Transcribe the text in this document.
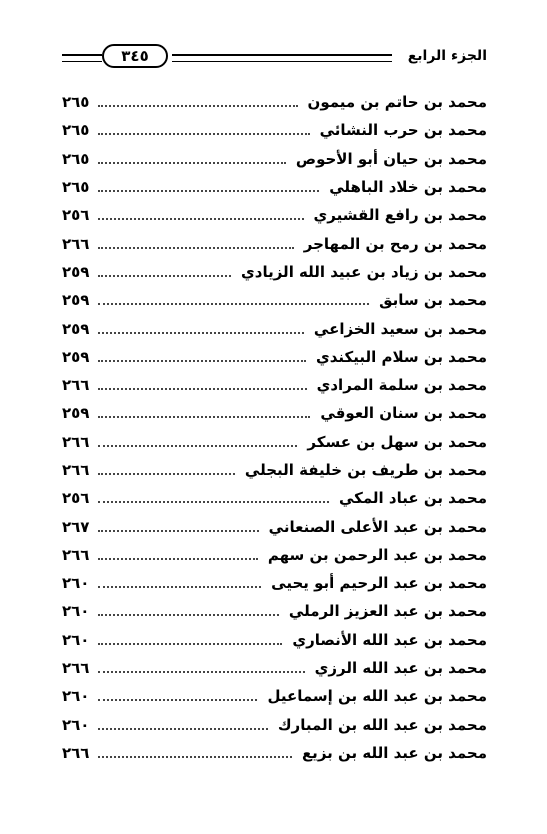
٣٤٥	الجزء الرابع
محمد بن حاتم بن ميمون
٢٦٥
محمد بن حرب النشائي
٢٦٥
محمد بن حيان أبو الأحوص
٢٦٥
محمد بن خلاد الباهلي
٢٦٥
محمد بن رافع القشيري
٢٥٦
محمد بن رمح بن المهاجر
٢٦٦
محمد بن زياد بن عبيد الله الزيادي
٢٥٩
محمد بن سابق
٢٥٩
محمد بن سعيد الخزاعي
٢٥٩
محمد بن سلام البيكندي
٢٥٩
محمد بن سلمة المرادي
٢٦٦
محمد بن سنان العوقي
٢٥٩
محمد بن سهل بن عسكر
٢٦٦
محمد بن طريف بن خليفة البجلي
٢٦٦
محمد بن عباد المكي
٢٥٦
محمد بن عبد الأعلى الصنعاني
٢٦٧
محمد بن عبد الرحمن بن سهم
٢٦٦
محمد بن عبد الرحيم أبو يحيى
٢٦٠
محمد بن عبد العزيز الرملي
٢٦٠
محمد بن عبد الله الأنصاري
٢٦٠
محمد بن عبد الله الرزي
٢٦٦
محمد بن عبد الله بن إسماعيل
٢٦٠
محمد بن عبد الله بن المبارك
٢٦٠
محمد بن عبد الله بن بزيع
٢٦٦
